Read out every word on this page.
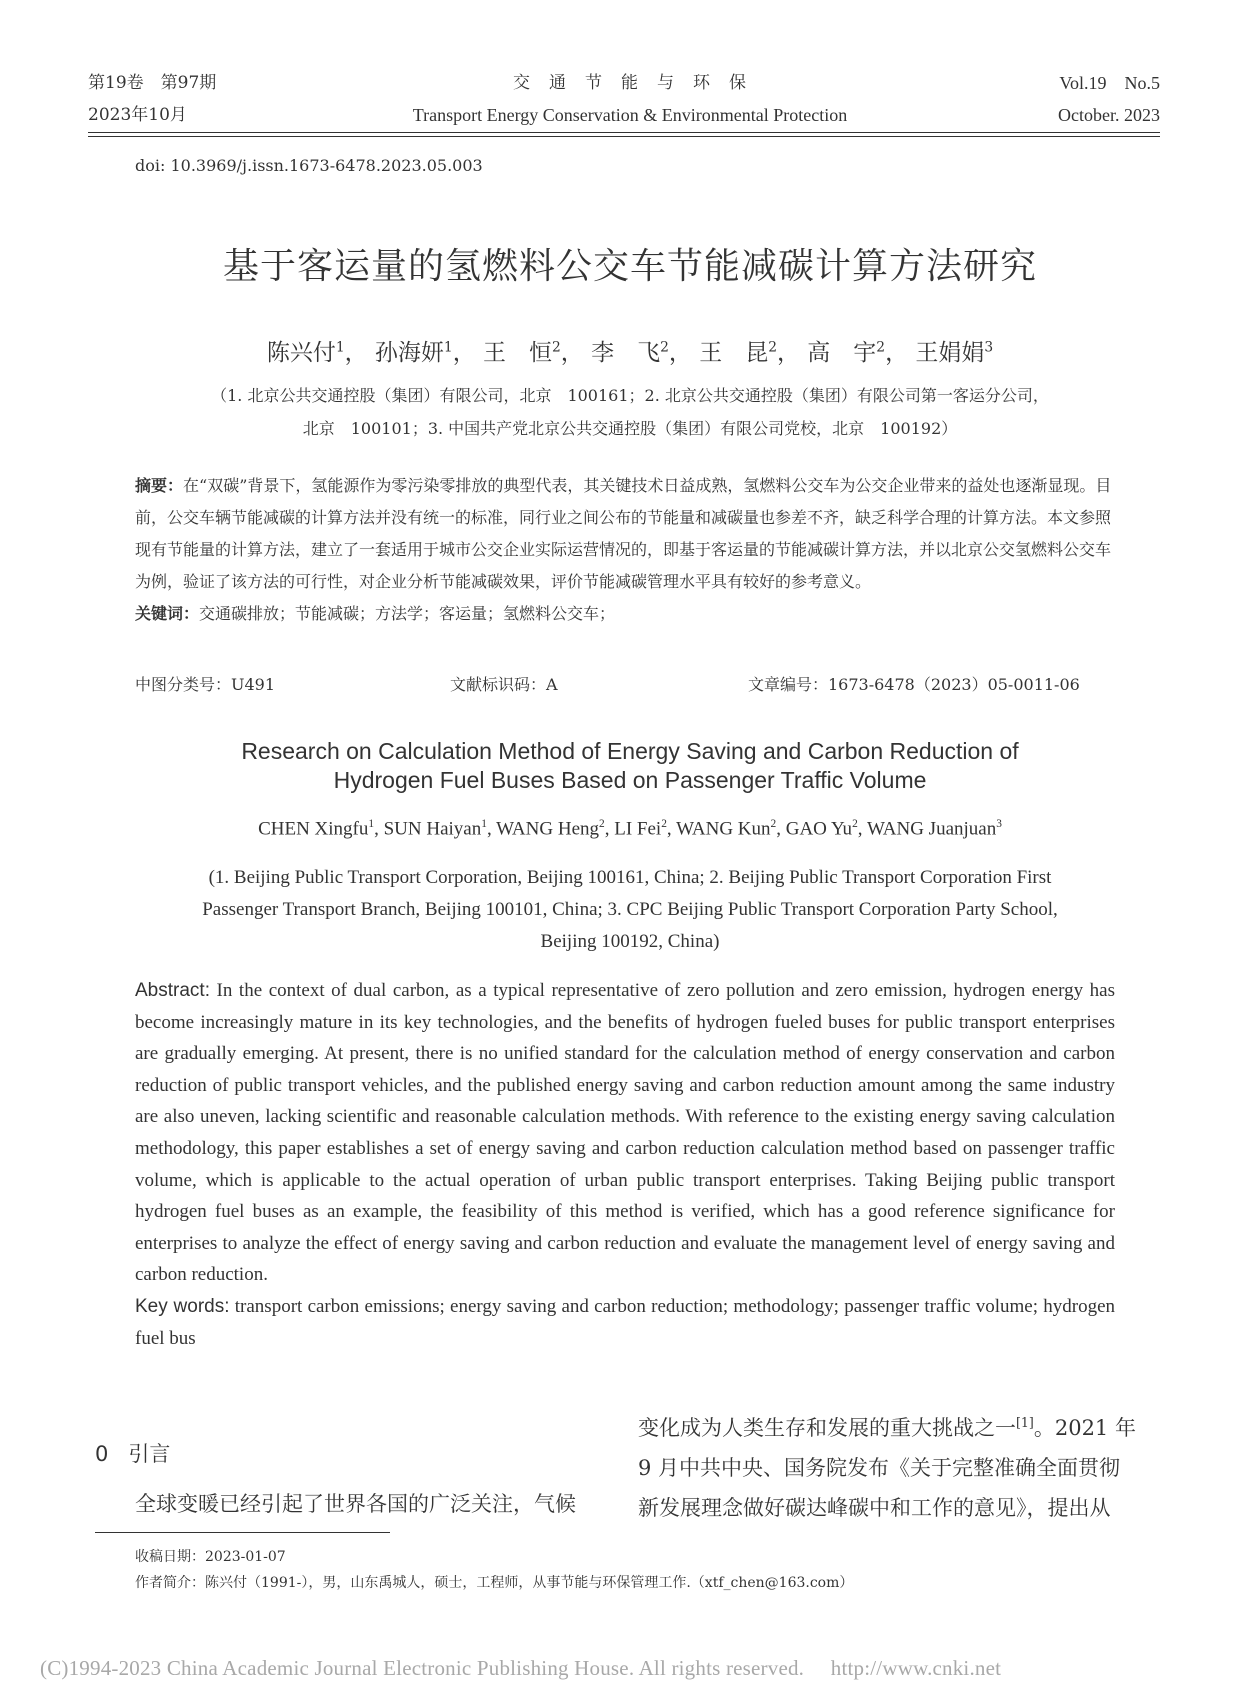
第19卷　第97期
2023年10月
交　通　节　能　与　环　保
Transport Energy Conservation & Environmental Protection
Vol.19　No.5
October. 2023
doi: 10.3969/j.issn.1673-6478.2023.05.003
基于客运量的氢燃料公交车节能减碳计算方法研究
陈兴付$^1$， 孙海妍$^1$， 王　恒$^2$， 李　飞$^2$， 王　昆$^2$， 高　宇$^2$， 王娟娟$^3$
（1. 北京公共交通控股（集团）有限公司，北京　100161；2. 北京公共交通控股（集团）有限公司第一客运分公司，
北京　100101；3. 中国共产党北京公共交通控股（集团）有限公司党校，北京　100192）
摘要：在“双碳”背景下，氢能源作为零污染零排放的典型代表，其关键技术日益成熟，氢燃料公交车为公交企业带来的益处也逐渐显现。目前，公交车辆节能减碳的计算方法并没有统一的标准，同行业之间公布的节能量和减碳量也参差不齐，缺乏科学合理的计算方法。本文参照现有节能量的计算方法，建立了一套适用于城市公交企业实际运营情况的，即基于客运量的节能减碳计算方法，并以北京公交氢燃料公交车为例，验证了该方法的可行性，对企业分析节能减碳效果，评价节能减碳管理水平具有较好的参考意义。
关键词：交通碳排放；节能减碳；方法学；客运量；氢燃料公交车；
中图分类号：U491	文献标识码：A	文章编号：1673-6478（2023）05-0011-06
Research on Calculation Method of Energy Saving and Carbon Reduction of
Hydrogen Fuel Buses Based on Passenger Traffic Volume
CHEN Xingfu$^1$, SUN Haiyan$^1$, WANG Heng$^2$, LI Fei$^2$, WANG Kun$^2$, GAO Yu$^2$, WANG Juanjuan$^3$
(1. Beijing Public Transport Corporation, Beijing 100161, China; 2. Beijing Public Transport Corporation First
Passenger Transport Branch, Beijing 100101, China; 3. CPC Beijing Public Transport Corporation Party School,
Beijing 100192, China)
Abstract: In the context of dual carbon, as a typical representative of zero pollution and zero emission, hydrogen energy has become increasingly mature in its key technologies, and the benefits of hydrogen fueled buses for public transport enterprises are gradually emerging. At present, there is no unified standard for the calculation method of energy conservation and carbon reduction of public transport vehicles, and the published energy saving and carbon reduction amount among the same industry are also uneven, lacking scientific and reasonable calculation methods. With reference to the existing energy saving calculation methodology, this paper establishes a set of energy saving and carbon reduction calculation method based on passenger traffic volume, which is applicable to the actual operation of urban public transport enterprises. Taking Beijing public transport hydrogen fuel buses as an example, the feasibility of this method is verified, which has a good reference significance for enterprises to analyze the effect of energy saving and carbon reduction and evaluate the management level of energy saving and carbon reduction.
Key words: transport carbon emissions; energy saving and carbon reduction; methodology; passenger traffic volume; hydrogen fuel bus
0 引言
全球变暖已经引起了世界各国的广泛关注，气候
变化成为人类生存和发展的重大挑战之一[1]。2021 年
9 月中共中央、国务院发布《关于完整准确全面贯彻
新发展理念做好碳达峰碳中和工作的意见》，提出从
收稿日期：2023-01-07
作者简介：陈兴付（1991-），男，山东禹城人，硕士，工程师，从事节能与环保管理工作.（xtf_chen@163.com）
(C)1994-2023 China Academic Journal Electronic Publishing House. All rights reserved.　 http://www.cnki.net
